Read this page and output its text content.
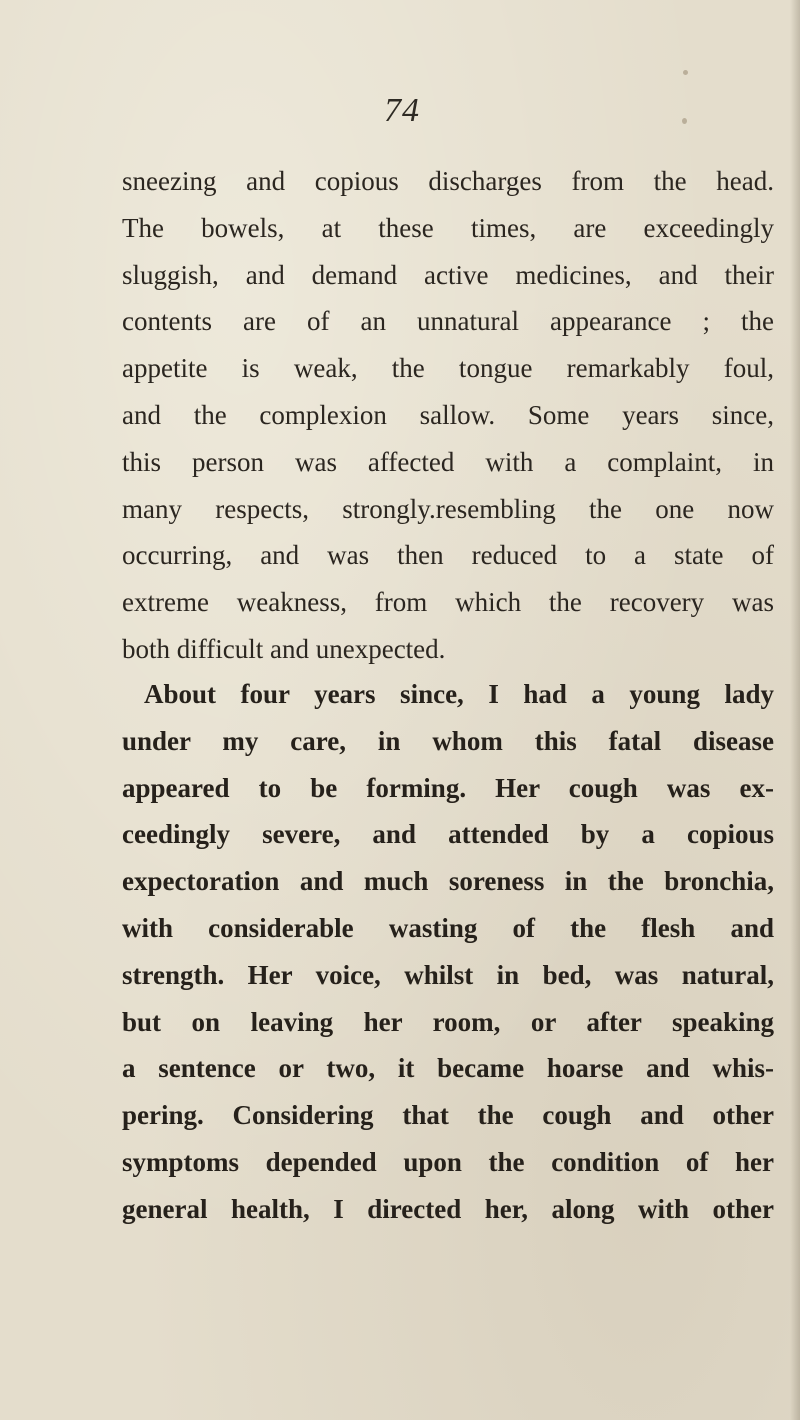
74
sneezing and copious discharges from the head.
The bowels, at these times, are exceedingly
sluggish, and demand active medicines, and their
contents are of an unnatural appearance ; the
appetite is weak, the tongue remarkably foul,
and the complexion sallow. Some years since,
this person was affected with a complaint, in
many respects, strongly.resembling the one now
occurring, and was then reduced to a state of
extreme weakness, from which the recovery was
both difficult and unexpected.
About four years since, I had a young lady
under my care, in whom this fatal disease
appeared to be forming. Her cough was ex-
ceedingly severe, and attended by a copious
expectoration and much soreness in the bronchia,
with considerable wasting of the flesh and
strength. Her voice, whilst in bed, was natural,
but on leaving her room, or after speaking
a sentence or two, it became hoarse and whis-
pering. Considering that the cough and other
symptoms depended upon the condition of her
general health, I directed her, along with other
